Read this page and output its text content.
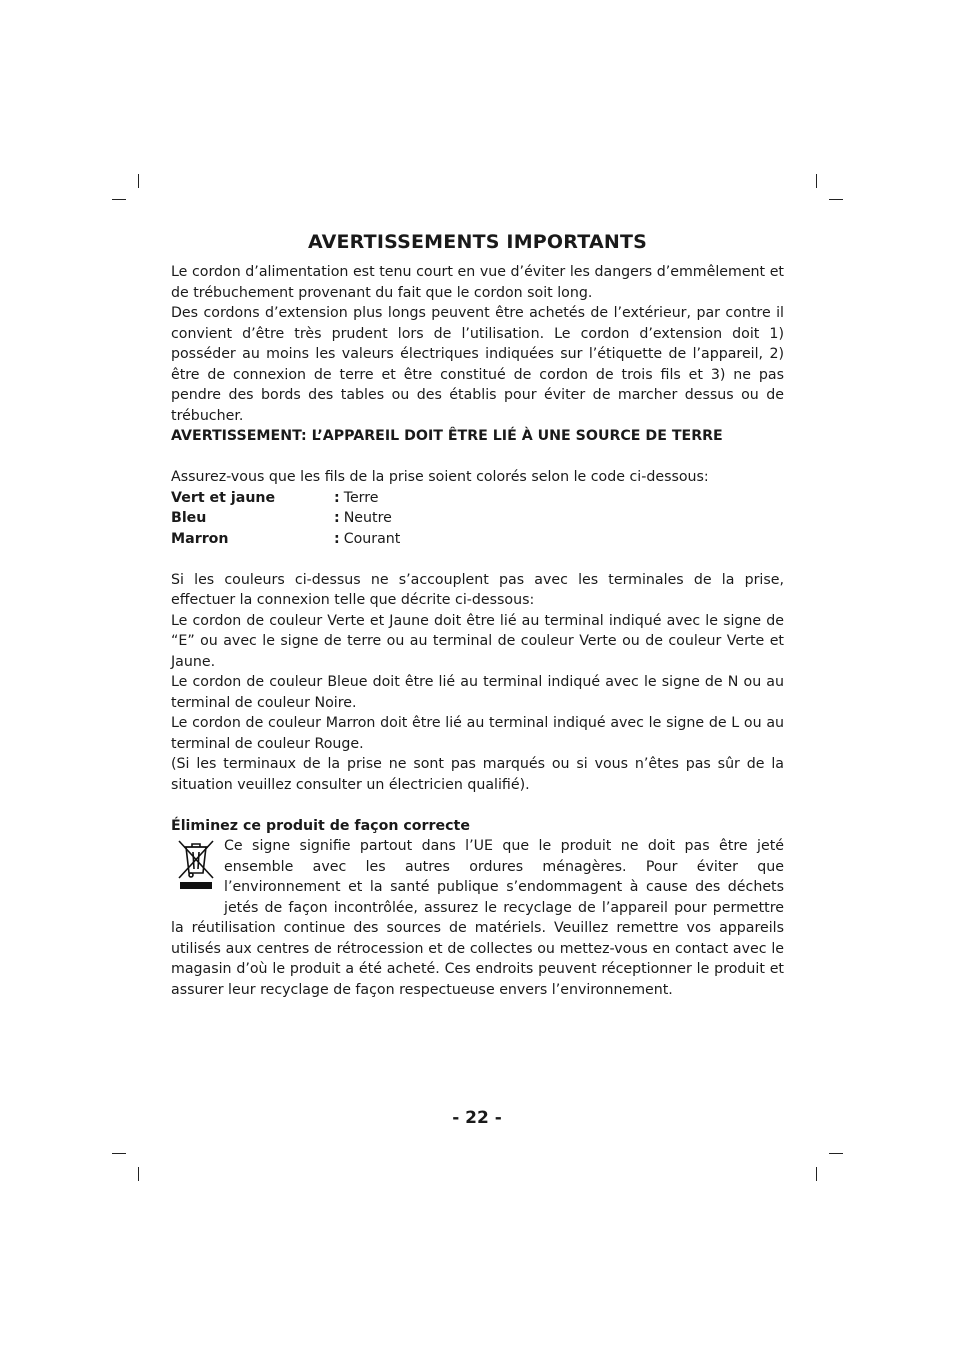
AVERTISSEMENTS IMPORTANTS

Le cordon d’alimentation est tenu court en vue d’éviter les dangers d’emmêlement et de trébuchement provenant du fait que le cordon soit long.

Des cordons d’extension plus longs peuvent être achetés de l’extérieur, par contre il convient d’être très prudent lors de l’utilisation. Le cordon d’extension doit 1) posséder au moins les valeurs électriques indiquées sur l’étiquette de l’appareil, 2) être de connexion de terre et être constitué de cordon de trois fils et 3) ne pas pendre des bords des tables ou des établis pour éviter de marcher dessus ou de trébucher.

AVERTISSEMENT: L’APPAREIL DOIT ÊTRE LIÉ À UNE SOURCE DE TERRE

Assurez-vous que les fils de la prise soient colorés selon le code ci-dessous:

Vert et jaune	: Terre
Bleu	: Neutre
Marron	: Courant

Si les couleurs ci-dessus ne s’accouplent pas avec les terminales de la prise, effectuer la connexion telle que décrite ci-dessous:

Le cordon de couleur Verte et Jaune doit être lié au terminal indiqué avec le signe de “E” ou avec le signe de terre ou au terminal de couleur Verte ou de couleur Verte et Jaune.

Le cordon de couleur Bleue doit être lié au terminal indiqué avec le signe de N ou au terminal de couleur Noire.

Le cordon de couleur Marron doit être lié au terminal indiqué avec le signe de L ou au terminal de couleur Rouge.

(Si les terminaux de la prise ne sont pas marqués ou si vous n’êtes pas sûr de la situation veuillez consulter un électricien qualifié).

Éliminez ce produit de façon correcte

Ce signe signifie partout dans l’UE que le produit ne doit pas être jeté ensemble avec les autres ordures ménagères. Pour éviter que l’environnement et la santé publique s’endommagent à cause des déchets jetés de façon incontrôlée, assurez le recyclage de l’appareil pour permettre la réutilisation continue des sources de matériels. Veuillez remettre vos appareils utilisés aux centres de rétrocession et de collectes ou mettez-vous en contact avec le magasin d’où le produit a été acheté. Ces endroits peuvent réceptionner le produit et assurer leur recyclage de façon respectueuse envers l’environnement.
- 22 -
